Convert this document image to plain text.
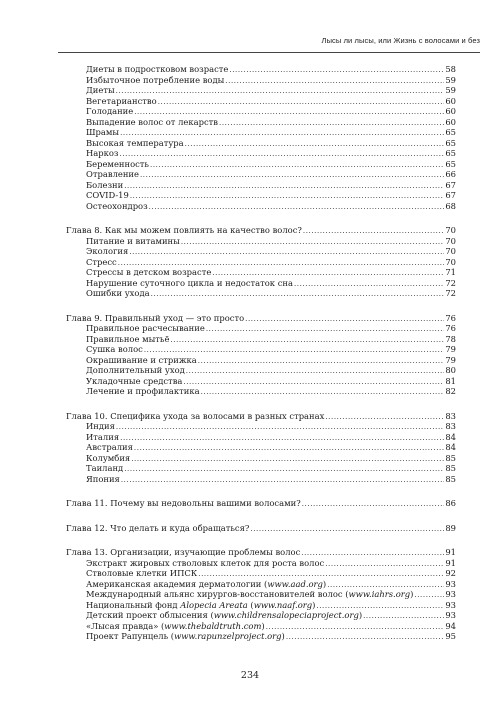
Лысы ли лысы, или Жизнь с волосами и без
Диеты в подростковом возрасте .....	58
Избыточное потребление воды .....	59
Диеты .....	59
Вегетарианство .....	60
Голодание .....	60
Выпадение волос от лекарств .....	60
Шрамы .....	65
Высокая температура .....	65
Наркоз .....	65
Беременность .....	65
Отравление .....	66
Болезни .....	67
COVID-19 .....	67
Остеохондроз .....	68
Глава 8. Как мы можем повлиять на качество волос? .....	70
Питание и витамины .....	70
Экология .....	70
Стресс .....	70
Стрессы в детском возрасте .....	71
Нарушение суточного цикла и недостаток сна .....	72
Ошибки ухода .....	72
Глава 9. Правильный уход — это просто .....	76
Правильное расчесывание .....	76
Правильное мытьё .....	78
Сушка волос .....	79
Окрашивание и стрижка .....	79
Дополнительный уход .....	80
Укладочные средства .....	81
Лечение и профилактика .....	82
Глава 10. Специфика ухода за волосами в разных странах .....	83
Индия .....	83
Италия .....	84
Австралия .....	84
Колумбия .....	85
Таиланд .....	85
Япония .....	85
Глава 11. Почему вы недовольны вашими волосами? .....	86
Глава 12. Что делать и куда обращаться? .....	89
Глава 13. Организации, изучающие проблемы волос .....	91
Экстракт жировых стволовых клеток для роста волос .....	91
Стволовые клетки ИПСК .....	92
Американская академия дерматологии (www.aad.org) .....	93
Международный альянс хирургов-восстановителей волос (www.iahrs.org) .....	93
Национальный фонд Alopecia Areata (www.naaf.org) .....	93
Детский проект облысения (www.childrensalopeciaproject.org) .....	93
«Лысая правда» (www.thebaldtruth.com) .....	94
Проект Рапунцель (www.rapunzelproject.org) .....	95
234
